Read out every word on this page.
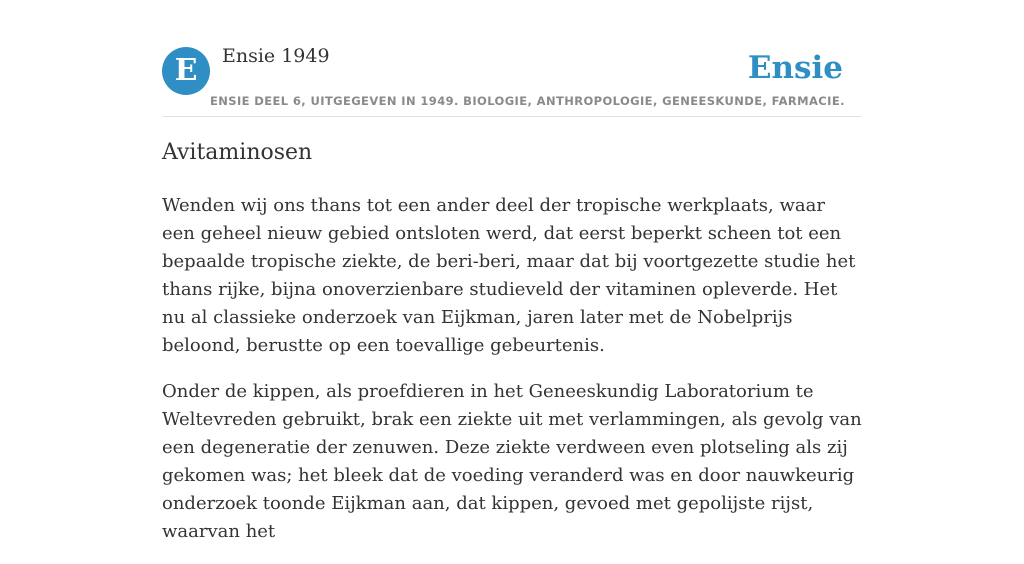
E	Ensie 1949	Ensie
ENSIE DEEL 6, UITGEGEVEN IN 1949. BIOLOGIE, ANTHROPOLOGIE, GENEESKUNDE, FARMACIE.
Avitaminosen

Wenden wij ons thans tot een ander deel der tropische werkplaats, waar een geheel nieuw gebied ontsloten werd, dat eerst beperkt scheen tot een bepaalde tropische ziekte, de beri-beri, maar dat bij voortgezette studie het thans rijke, bijna onoverzienbare studieveld der vitaminen opleverde. Het nu al classieke onderzoek van Eijkman, jaren later met de Nobelprijs beloond, berustte op een toevallige gebeurtenis.

Onder de kippen, als proefdieren in het Geneeskundig Laboratorium te Weltevreden gebruikt, brak een ziekte uit met verlammingen, als gevolg van een degeneratie der zenuwen. Deze ziekte verdween even plotseling als zij gekomen was; het bleek dat de voeding veranderd was en door nauwkeurig onderzoek toonde Eijkman aan, dat kippen, gevoed met gepolijste rijst, waarvan het
